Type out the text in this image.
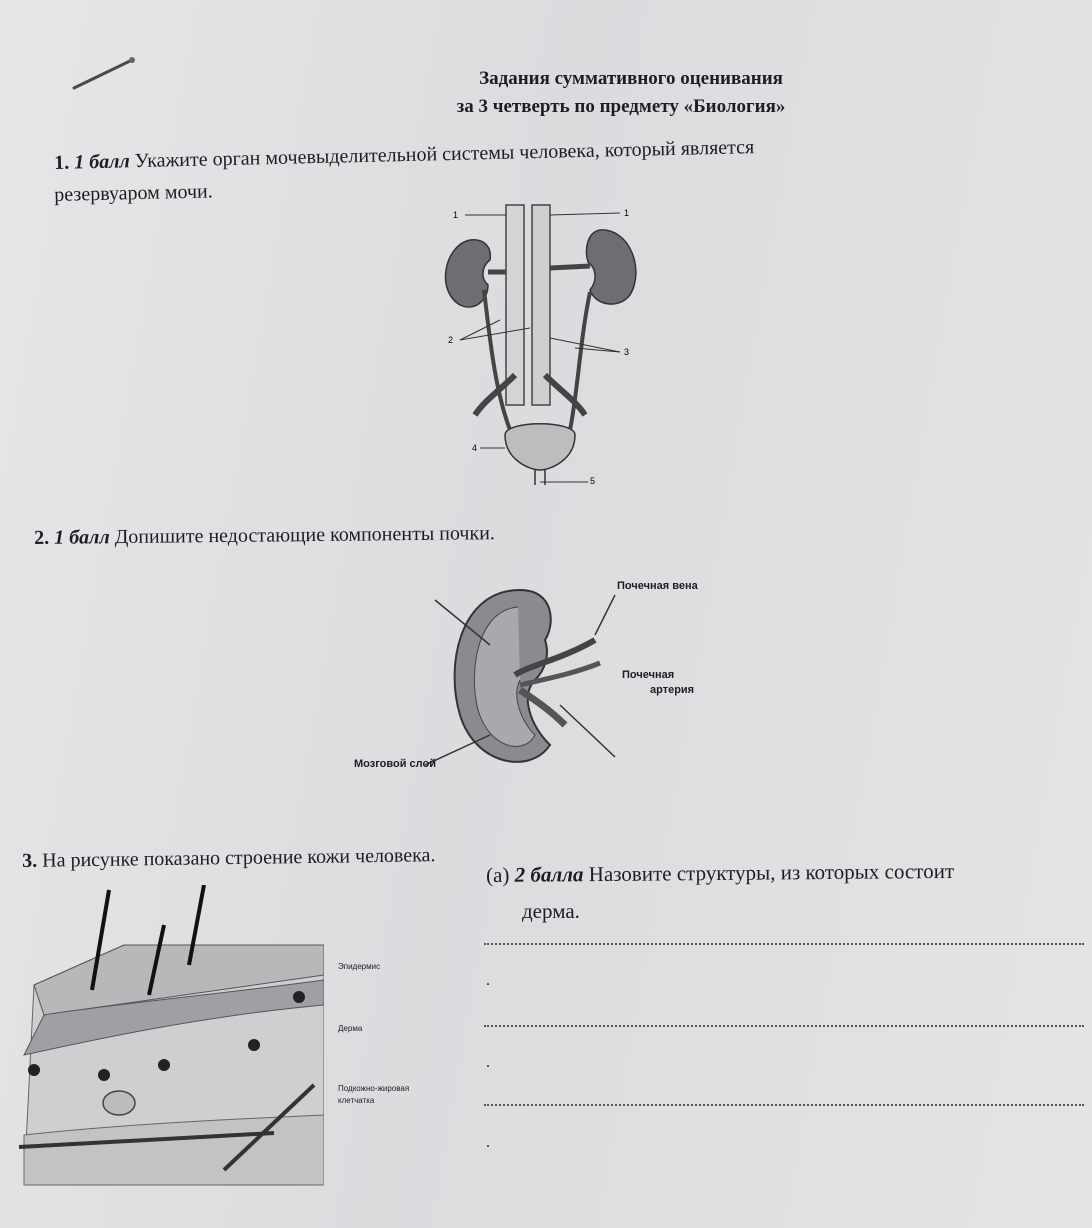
Задания суммативного оценивания
за 3 четверть по предмету «Биология»
1. 1 балл Укажите орган мочевыделительной системы человека, который является
резервуаром мочи.
1	1
2
3
4
5
2. 1 балл Допишите недостающие компоненты почки.
Почечная вена
Почечная
артерия
Мозговой слой
3. На рисунке показано строение кожи человека.
(a) 2 балла Назовите структуры, из которых состоит
дерма.
Эпидермис
Дерма
Подкожно-жировая
клетчатка
.
.
.
